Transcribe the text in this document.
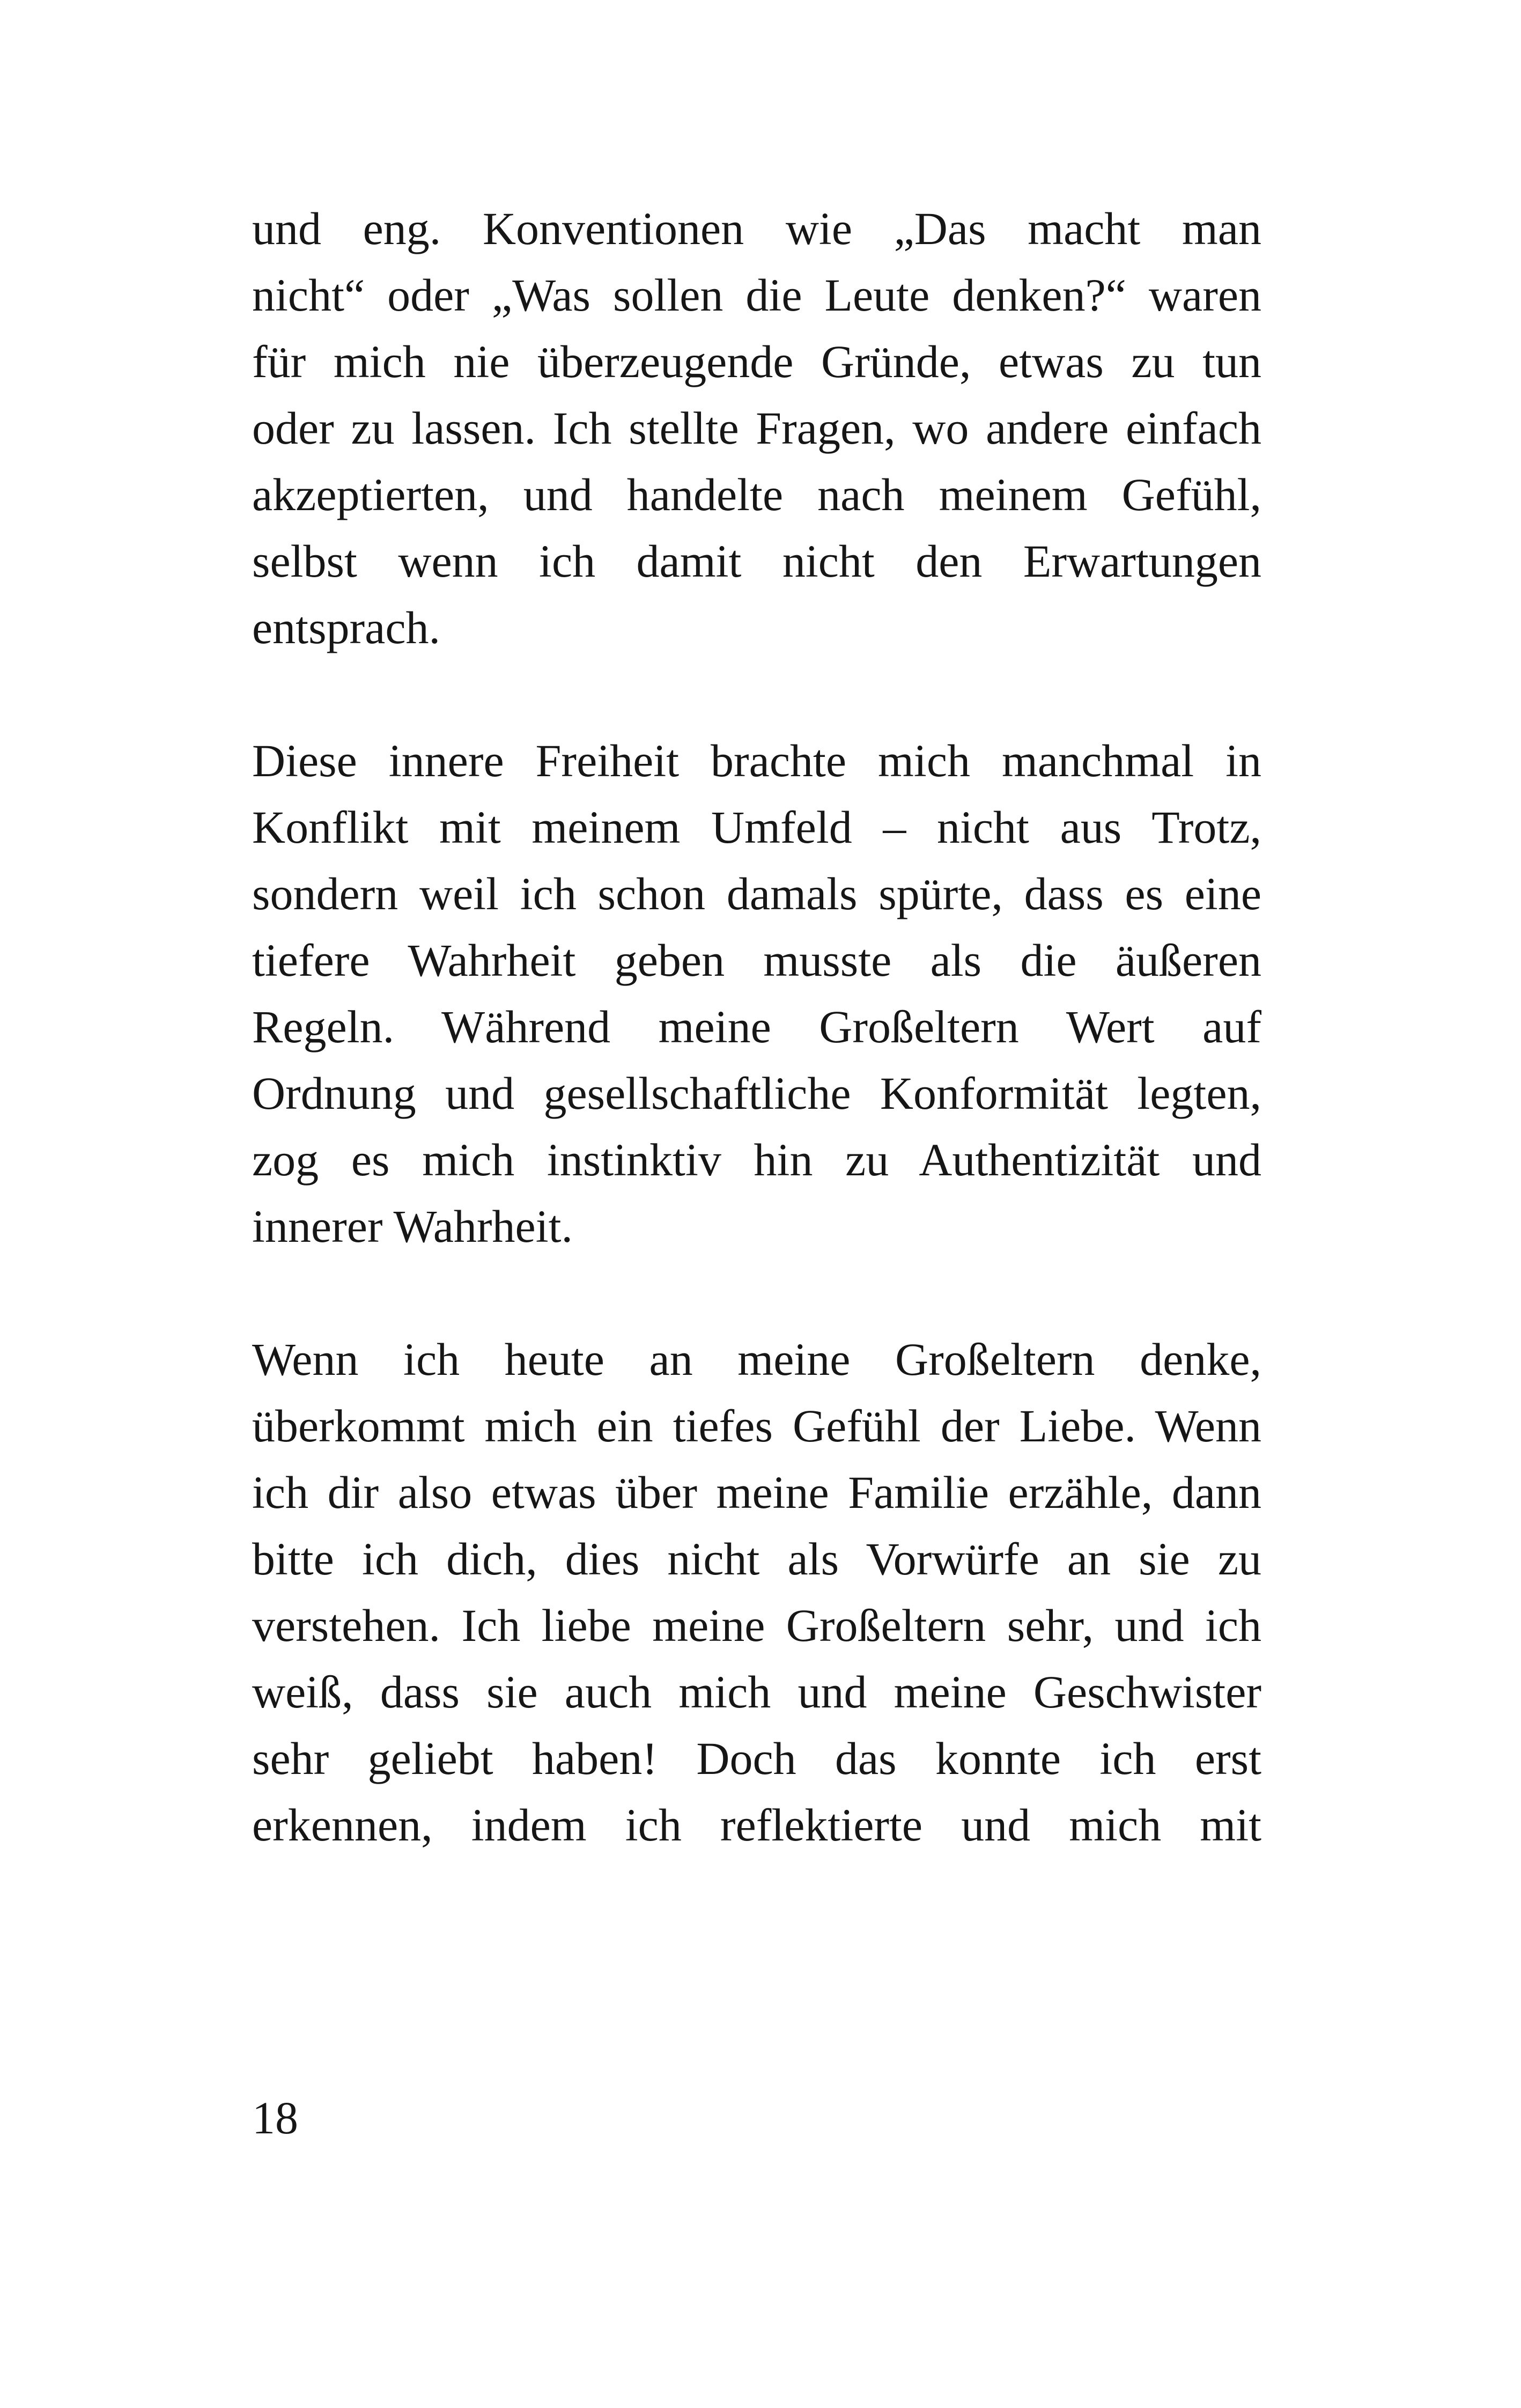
und eng. Konventionen wie „Das macht man
nicht“ oder „Was sollen die Leute denken?“ waren
für mich nie überzeugende Gründe, etwas zu tun
oder zu lassen. Ich stellte Fragen, wo andere einfach
akzeptierten, und handelte nach meinem Gefühl,
selbst wenn ich damit nicht den Erwartungen
entsprach.
Diese innere Freiheit brachte mich manchmal in
Konflikt mit meinem Umfeld – nicht aus Trotz,
sondern weil ich schon damals spürte, dass es eine
tiefere Wahrheit geben musste als die äußeren
Regeln. Während meine Großeltern Wert auf
Ordnung und gesellschaftliche Konformität legten,
zog es mich instinktiv hin zu Authentizität und
innerer Wahrheit.
Wenn ich heute an meine Großeltern denke,
überkommt mich ein tiefes Gefühl der Liebe. Wenn
ich dir also etwas über meine Familie erzähle, dann
bitte ich dich, dies nicht als Vorwürfe an sie zu
verstehen. Ich liebe meine Großeltern sehr, und ich
weiß, dass sie auch mich und meine Geschwister
sehr geliebt haben! Doch das konnte ich erst
erkennen, indem ich reflektierte und mich mit
18
